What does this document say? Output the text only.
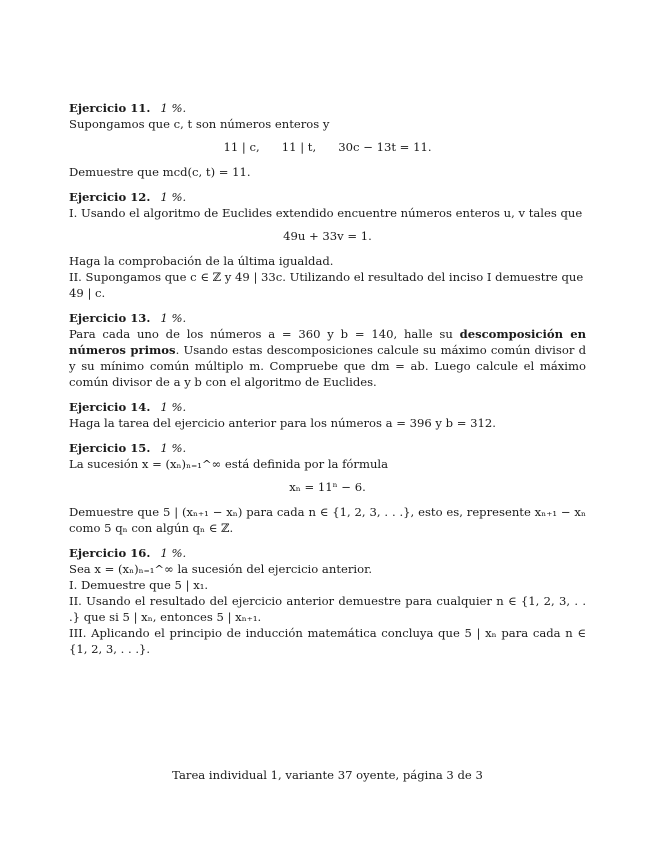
Ejercicio 11. 1 %.
Supongamos que c, t son números enteros y
11 | c,      11 | t,      30c − 13t = 11.
Demuestre que mcd(c, t) = 11.
Ejercicio 12. 1 %.
I. Usando el algoritmo de Euclides extendido encuentre números enteros u, v tales que
49u + 33v = 1.
Haga la comprobación de la última igualdad.
II. Supongamos que c ∈ ℤ y 49 | 33c. Utilizando el resultado del inciso I demuestre que 49 | c.
Ejercicio 13. 1 %.
Para cada uno de los números a = 360 y b = 140, halle su descomposición en números primos. Usando estas descomposiciones calcule su máximo común divisor d y su mínimo común múltiplo m. Compruebe que dm = ab. Luego calcule el máximo común divisor de a y b con el algoritmo de Euclides.
Ejercicio 14. 1 %.
Haga la tarea del ejercicio anterior para los números a = 396 y b = 312.
Ejercicio 15. 1 %.
La sucesión x = (xₙ)ₙ₌₁^∞ está definida por la fórmula
xₙ = 11ⁿ − 6.
Demuestre que 5 | (xₙ₊₁ − xₙ) para cada n ∈ {1, 2, 3, . . .}, esto es, represente xₙ₊₁ − xₙ como 5 qₙ con algún qₙ ∈ ℤ.
Ejercicio 16. 1 %.
Sea x = (xₙ)ₙ₌₁^∞ la sucesión del ejercicio anterior.
I. Demuestre que 5 | x₁.
II. Usando el resultado del ejercicio anterior demuestre para cualquier n ∈ {1, 2, 3, . . .} que si 5 | xₙ, entonces 5 | xₙ₊₁.
III. Aplicando el principio de inducción matemática concluya que 5 | xₙ para cada n ∈ {1, 2, 3, . . .}.
Tarea individual 1, variante 37 oyente, página 3 de 3
